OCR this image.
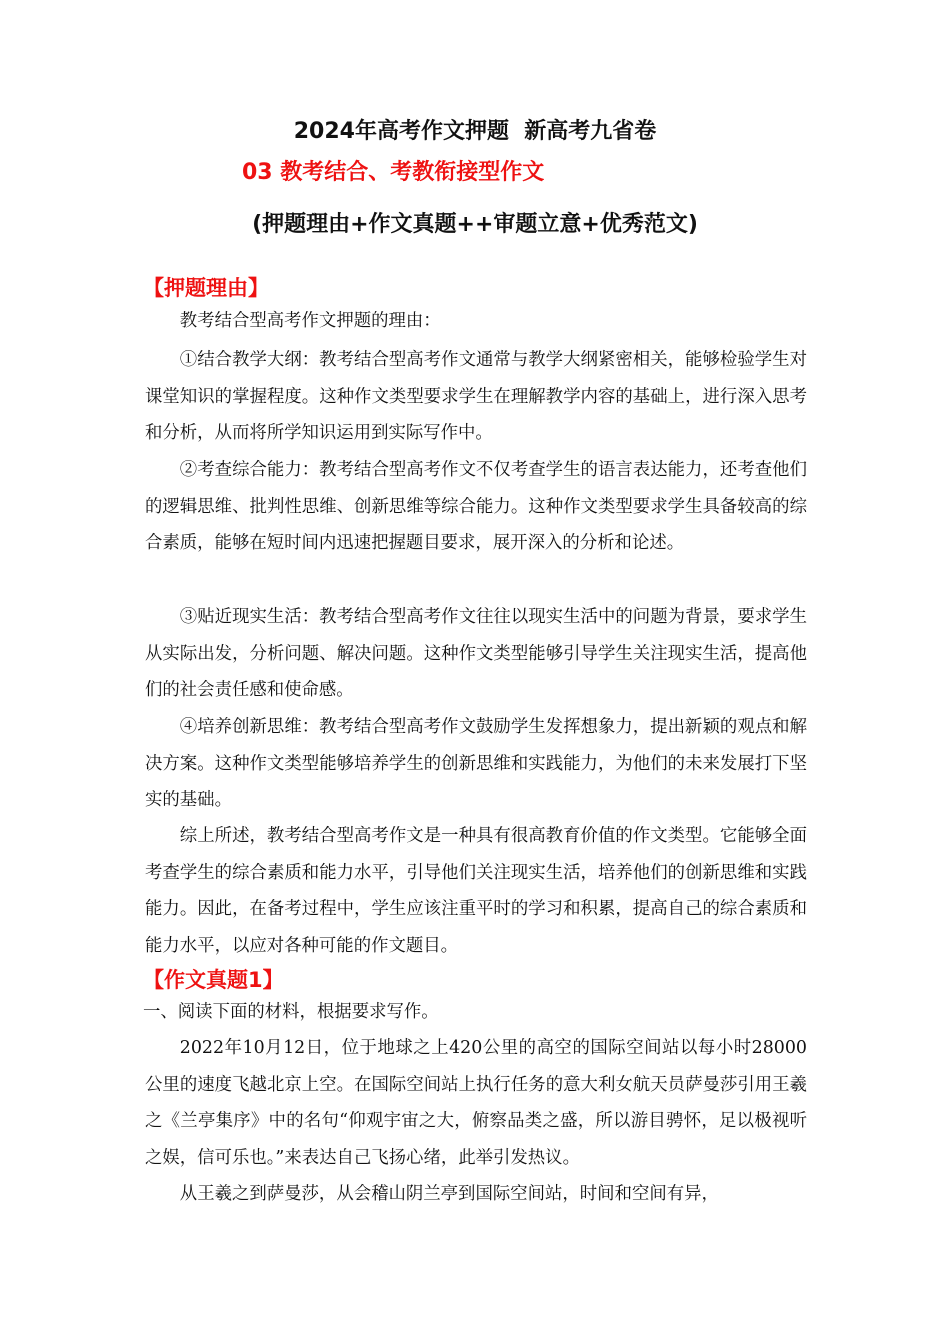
2024年高考作文押题  新高考九省卷
03 教考结合、考教衔接型作文
(押题理由+作文真题++审题立意+优秀范文)
【押题理由】

教考结合型高考作文押题的理由：

①结合教学大纲：教考结合型高考作文通常与教学大纲紧密相关，能够检验学生对课堂知识的掌握程度。这种作文类型要求学生在理解教学内容的基础上，进行深入思考和分析，从而将所学知识运用到实际写作中。

②考查综合能力：教考结合型高考作文不仅考查学生的语言表达能力，还考查他们的逻辑思维、批判性思维、创新思维等综合能力。这种作文类型要求学生具备较高的综合素质，能够在短时间内迅速把握题目要求，展开深入的分析和论述。

③贴近现实生活：教考结合型高考作文往往以现实生活中的问题为背景，要求学生从实际出发，分析问题、解决问题。这种作文类型能够引导学生关注现实生活，提高他们的社会责任感和使命感。

④培养创新思维：教考结合型高考作文鼓励学生发挥想象力，提出新颖的观点和解决方案。这种作文类型能够培养学生的创新思维和实践能力，为他们的未来发展打下坚实的基础。

综上所述，教考结合型高考作文是一种具有很高教育价值的作文类型。它能够全面考查学生的综合素质和能力水平，引导他们关注现实生活，培养他们的创新思维和实践能力。因此，在备考过程中，学生应该注重平时的学习和积累，提高自己的综合素质和能力水平，以应对各种可能的作文题目。

【作文真题1】

一、阅读下面的材料，根据要求写作。

2022年10月12日，位于地球之上420公里的高空的国际空间站以每小时28000公里的速度飞越北京上空。在国际空间站上执行任务的意大利女航天员萨曼莎引用王羲之《兰亭集序》中的名句“仰观宇宙之大，俯察品类之盛，所以游目骋怀，足以极视听之娱，信可乐也。”来表达自己飞扬心绪，此举引发热议。

从王羲之到萨曼莎，从会稽山阴兰亭到国际空间站，时间和空间有异，
